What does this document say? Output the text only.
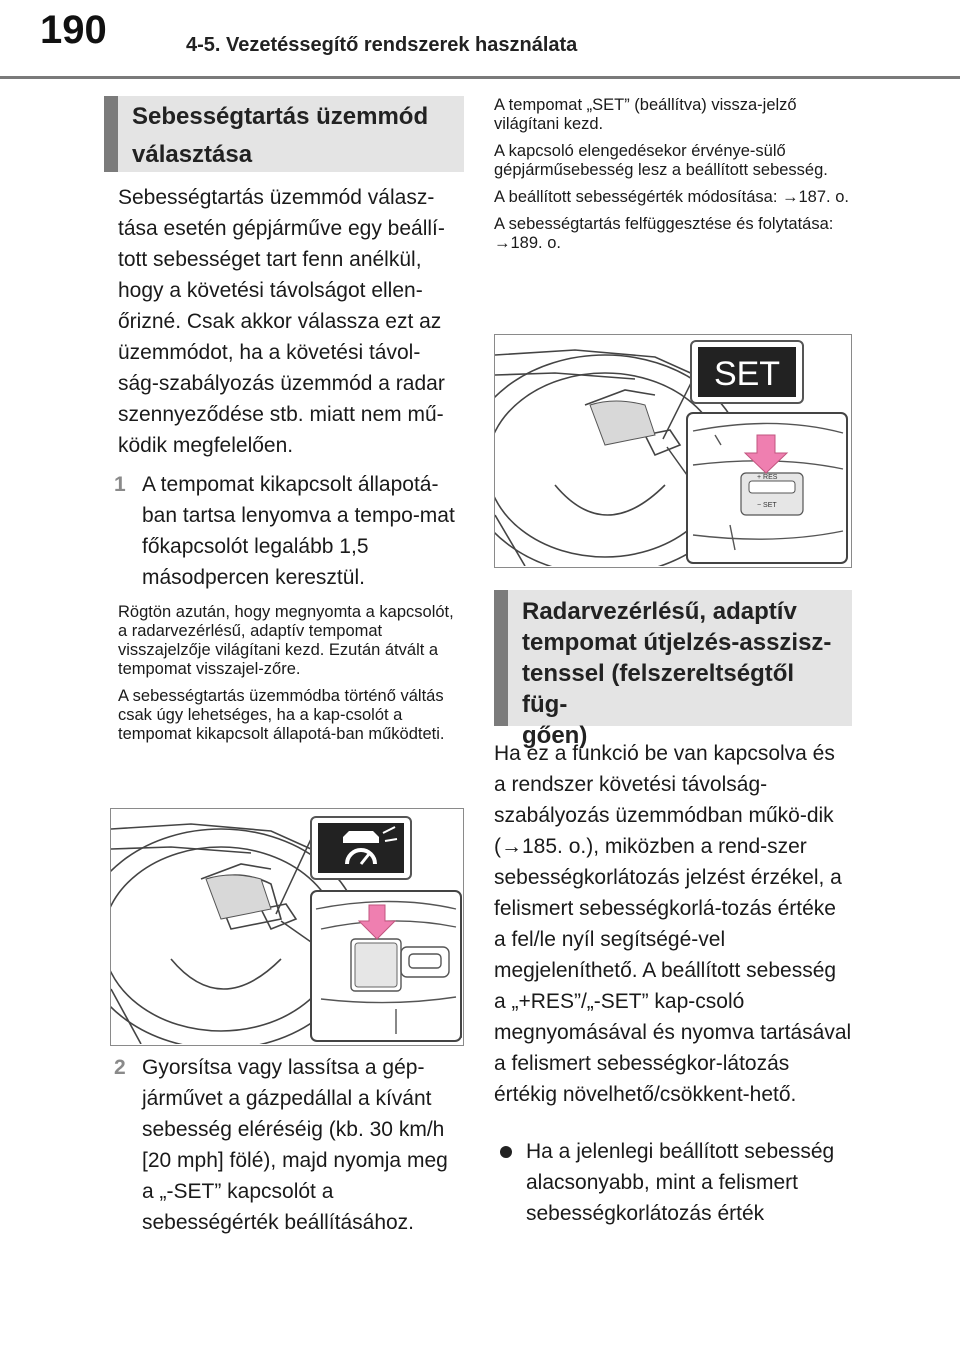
190	4-5. Vezetéssegítő rendszerek használata
Sebességtartás üzemmód
választása

Sebességtartás üzemmód válasz-tása esetén gépjárműve egy beállí-tott sebességet tart fenn anélkül, hogy a követési távolságot ellen-őrizné. Csak akkor válassza ezt az üzemmódot, ha a követési távol-ság-szabályozás üzemmód a radar szennyeződése stb. miatt nem mű-ködik megfelelően.

1 A tempomat kikapcsolt állapotá-ban tartsa lenyomva a tempo-mat főkapcsolót legalább 1,5 másodpercen keresztül.

Rögtön azután, hogy megnyomta a kapcsolót, a radarvezérlésű, adaptív tempomat visszajelzője világítani kezd. Ezután átvált a tempomat visszajel-zőre.

A sebességtartás üzemmódba történő váltás csak úgy lehetséges, ha a kap-csolót a tempomat kikapcsolt állapotá-ban működteti.

2 Gyorsítsa vagy lassítsa a gép-járművet a gázpedállal a kívánt sebesség eléréséig (kb. 30 km/h [20 mph] fölé), majd nyomja meg a „-SET” kapcsolót a sebességérték beállításához.

A tempomat „SET” (beállítva) vissza-jelző világítani kezd.

A kapcsoló elengedésekor érvénye-sülő gépjárműsebesség lesz a beállított sebesség.

A beállított sebességérték módosítása: →187. o.

A sebességtartás felfüggesztése és folytatása: →189. o.

SET
+ RES
− SET
Radarvezérlésű, adaptív
tempomat útjelzés-asszisz-
tenssel (felszereltségtől füg-
gően)

Ha ez a funkció be van kapcsolva és a rendszer követési távolság-szabályozás üzemmódban műkö-dik (→185. o.), miközben a rend-szer sebességkorlátozás jelzést érzékel, a felismert sebességkorlá-tozás értéke a fel/le nyíl segítségé-vel megjeleníthető. A beállított sebesség a „+RES”/„-SET” kap-csoló megnyomásával és nyomva tartásával a felismert sebességkor-látozás értékig növelhető/csökkent-hető.

Ha a jelenlegi beállított sebesség alacsonyabb, mint a felismert sebességkorlátozás érték
